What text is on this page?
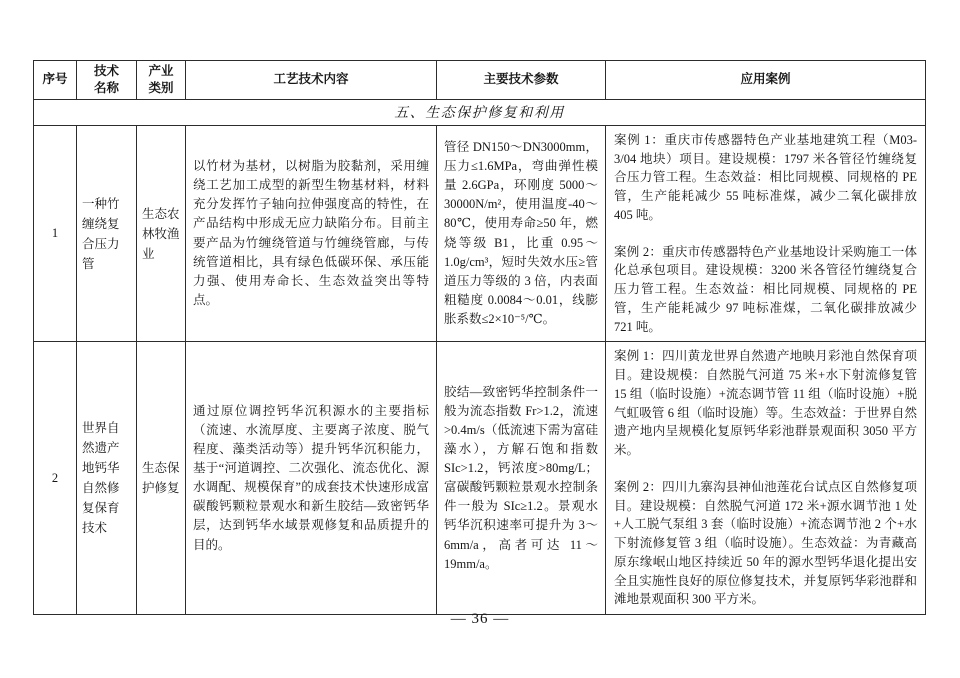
序号	技术名称	产业类别	工艺技术内容	主要技术参数	应用案例
五、生态保护修复和利用					
1	一种竹缠绕复合压力管	生态农林牧渔业	以竹材为基材，以树脂为胶黏剂，采用缠绕工艺加工成型的新型生物基材料，材料充分发挥竹子轴向拉伸强度高的特性，在产品结构中形成无应力缺陷分布。目前主要产品为竹缠绕管道与竹缠绕管廊，与传统管道相比，具有绿色低碳环保、承压能力强、使用寿命长、生态效益突出等特点。	管径 DN150～DN3000mm，压力≤1.6MPa，弯曲弹性模量 2.6GPa，环刚度 5000～30000N/m²，使用温度-40～80℃，使用寿命≥50 年，燃烧等级 B1，比重 0.95～1.0g/cm³，短时失效水压≥管道压力等级的 3 倍，内表面粗糙度 0.0084～0.01，线膨胀系数≤2×10⁻⁵/℃。	案例 1：重庆市传感器特色产业基地建筑工程（M03-3/04 地块）项目。建设规模：1797 米各管径竹缠绕复合压力管工程。生态效益：相比同规模、同规格的 PE 管，生产能耗减少 55 吨标准煤，减少二氧化碳排放 405 吨。

案例 2：重庆市传感器特色产业基地设计采购施工一体化总承包项目。建设规模：3200 米各管径竹缠绕复合压力管工程。生态效益：相比同规模、同规格的 PE 管，生产能耗减少 97 吨标准煤，二氧化碳排放减少 721 吨。

2	世界自然遗产地钙华自然修复保育技术	生态保护修复	通过原位调控钙华沉积源水的主要指标（流速、水流厚度、主要离子浓度、脱气程度、藻类活动等）提升钙华沉积能力，基于“河道调控、二次强化、流态优化、源水调配、规模保育”的成套技术快速形成富碳酸钙颗粒景观水和新生胶结—致密钙华层，达到钙华水域景观修复和品质提升的目的。	胶结—致密钙华控制条件一般为流态指数 Fr>1.2，流速>0.4m/s（低流速下需为富硅藻水），方解石饱和指数 SIc>1.2，钙浓度>80mg/L；富碳酸钙颗粒景观水控制条件一般为 SIc≥1.2。景观水钙华沉积速率可提升为 3～6mm/a，高者可达 11～19mm/a。	案例 1：四川黄龙世界自然遗产地映月彩池自然保育项目。建设规模：自然脱气河道 75 米+水下射流修复管 15 组（临时设施）+流态调节管 11 组（临时设施）+脱气虹吸管 6 组（临时设施）等。生态效益：于世界自然遗产地内呈规模化复原钙华彩池群景观面积 3050 平方米。

案例 2：四川九寨沟县神仙池莲花台试点区自然修复项目。建设规模：自然脱气河道 172 米+源水调节池 1 处+人工脱气泵组 3 套（临时设施）+流态调节池 2 个+水下射流修复管 3 组（临时设施）。生态效益：为青藏高原东缘岷山地区持续近 50 年的源水型钙华退化提出安全且实施性良好的原位修复技术，并复原钙华彩池群和滩地景观面积 300 平方米。

— 36 —
